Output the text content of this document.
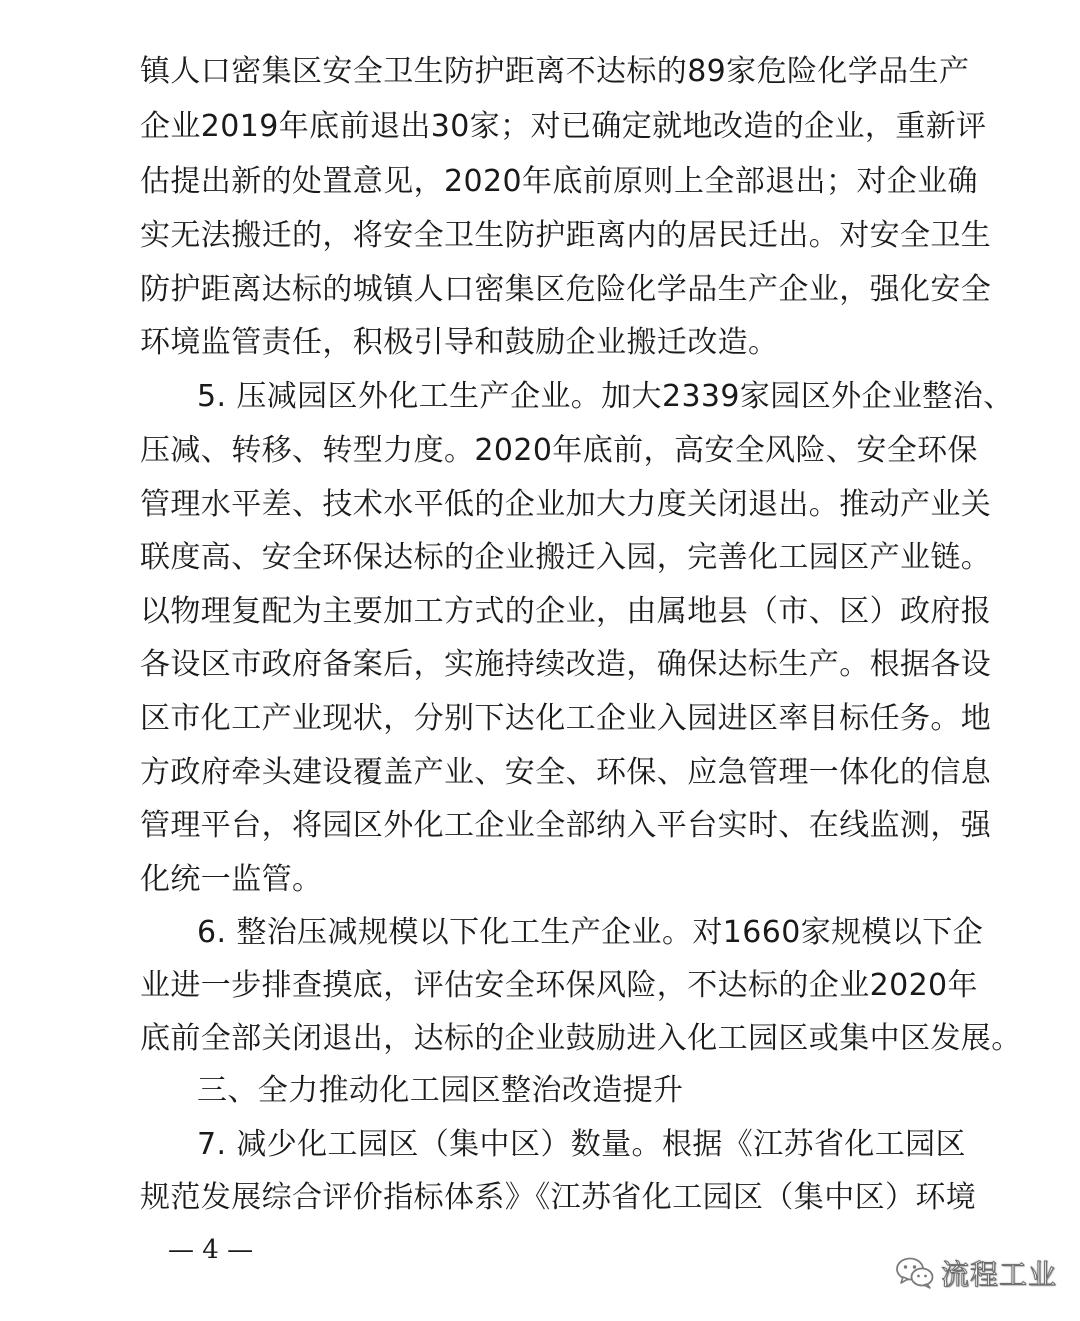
镇人口密集区安全卫生防护距离不达标的89家危险化学品生产
企业2019年底前退出30家；对已确定就地改造的企业，重新评
估提出新的处置意见，2020年底前原则上全部退出；对企业确
实无法搬迁的，将安全卫生防护距离内的居民迁出。对安全卫生
防护距离达标的城镇人口密集区危险化学品生产企业，强化安全
环境监管责任，积极引导和鼓励企业搬迁改造。
5. 压减园区外化工生产企业。加大2339家园区外企业整治、
压减、转移、转型力度。2020年底前，高安全风险、安全环保
管理水平差、技术水平低的企业加大力度关闭退出。推动产业关
联度高、安全环保达标的企业搬迁入园，完善化工园区产业链。
以物理复配为主要加工方式的企业，由属地县（市、区）政府报
各设区市政府备案后，实施持续改造，确保达标生产。根据各设
区市化工产业现状，分别下达化工企业入园进区率目标任务。地
方政府牵头建设覆盖产业、安全、环保、应急管理一体化的信息
管理平台，将园区外化工企业全部纳入平台实时、在线监测，强
化统一监管。
6. 整治压减规模以下化工生产企业。对1660家规模以下企
业进一步排查摸底，评估安全环保风险，不达标的企业2020年
底前全部关闭退出，达标的企业鼓励进入化工园区或集中区发展。
三、全力推动化工园区整治改造提升
7. 减少化工园区（集中区）数量。根据《江苏省化工园区
规范发展综合评价指标体系》《江苏省化工园区（集中区）环境
— 4 —
流程工业
